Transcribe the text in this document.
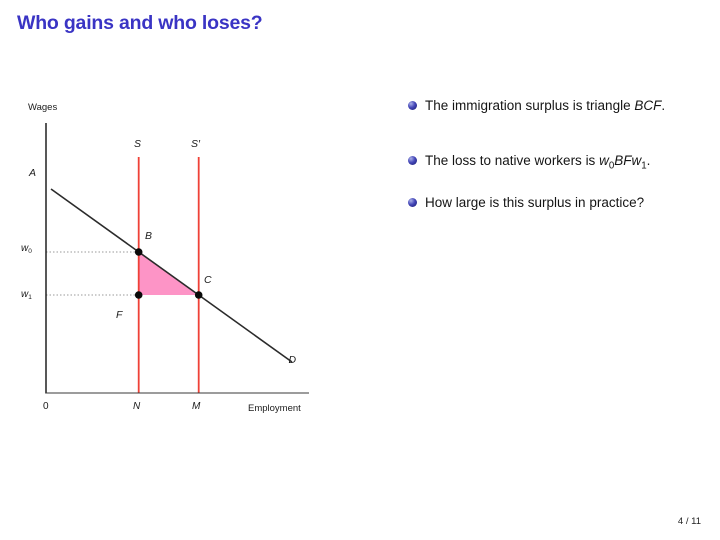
Who gains and who loses?
Wages
Employment
S	S′
D
A
B
C
F
$w_0$
$w_1$
0	N	M
The immigration surplus is triangle BCF.
The loss to native workers is $w_0BFw_1$.
How large is this surplus in practice?
4 / 11
